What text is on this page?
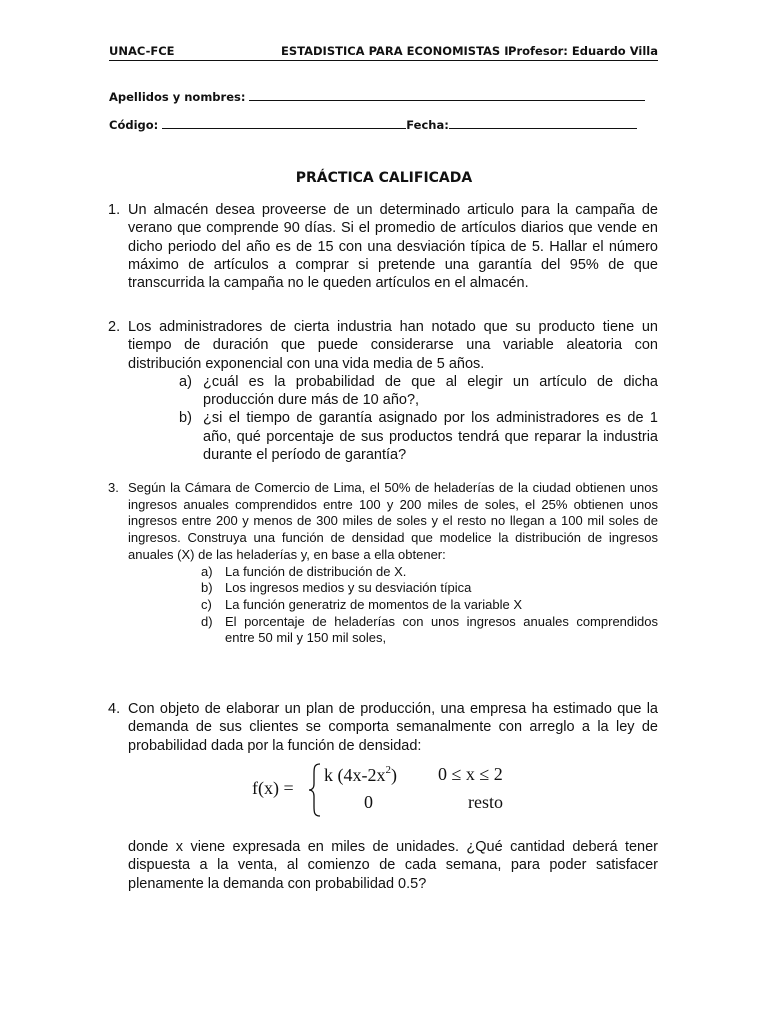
UNAC-FCE	ESTADISTICA PARA ECONOMISTAS I Profesor: Eduardo Villa
Apellidos y nombres:
Código:	Fecha:
PRÁCTICA CALIFICADA
1. Un almacén desea proveerse de un determinado articulo para la campaña de verano que comprende 90 días. Si el promedio de artículos diarios que vende en dicho periodo del año es de 15 con una desviación típica de 5. Hallar el número máximo de artículos a comprar si pretende una garantía del 95% de que transcurrida la campaña no le queden artículos en el almacén.
2. Los administradores de cierta industria han notado que su producto tiene un tiempo de duración que puede considerarse una variable aleatoria con distribución exponencial con una vida media de 5 años.
a) ¿cuál es la probabilidad de que al elegir un artículo de dicha producción dure más de 10 año?,
b) ¿si el tiempo de garantía asignado por los administradores es de 1 año, qué porcentaje de sus productos tendrá que reparar la industria durante el período de garantía?
3. Según la Cámara de Comercio de Lima, el 50% de heladerías de la ciudad obtienen unos ingresos anuales comprendidos entre 100 y 200 miles de soles, el 25% obtienen unos ingresos entre 200 y menos de 300 miles de soles y el resto no llegan a 100 mil soles de ingresos. Construya una función de densidad que modelice la distribución de ingresos anuales (X) de las heladerías y, en base a ella obtener:
a) La función de distribución de X.
b) Los ingresos medios y su desviación típica
c) La función generatriz de momentos de la variable X
d) El porcentaje de heladerías con unos ingresos anuales comprendidos entre 50 mil y 150 mil soles,
4. Con objeto de elaborar un plan de producción, una empresa ha estimado que la demanda de sus clientes se comporta semanalmente con arreglo a la ley de probabilidad dada por la función de densidad:
f(x) =
k $(4x-2x^2) 0 \le x \le 2$
0	resto
donde x viene expresada en miles de unidades. ¿Qué cantidad deberá tener dispuesta a la venta, al comienzo de cada semana, para poder satisfacer plenamente la demanda con probabilidad 0.5?
